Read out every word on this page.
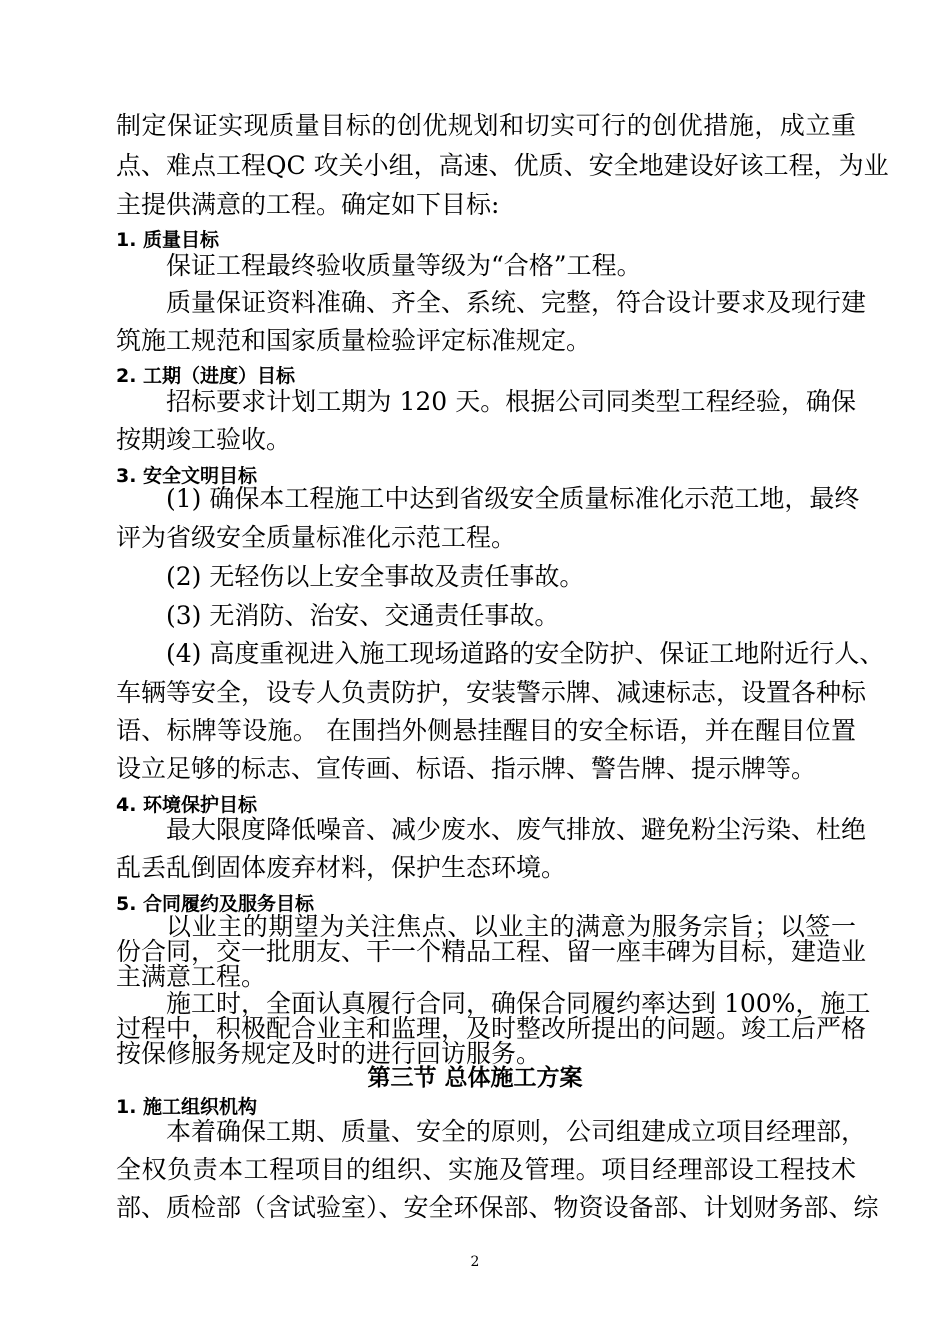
制定保证实现质量目标的创优规划和切实可行的创优措施，成立重
点、难点工程QC 攻关小组，高速、优质、安全地建设好该工程，为业
主提供满意的工程。确定如下目标:
1. 质量目标
保证工程最终验收质量等级为“合格”工程。
质量保证资料准确、齐全、系统、完整，符合设计要求及现行建
筑施工规范和国家质量检验评定标准规定。
2. 工期（进度）目标
招标要求计划工期为 120 天。根据公司同类型工程经验，确保
按期竣工验收。
3. 安全文明目标
(1) 确保本工程施工中达到省级安全质量标准化示范工地，最终
评为省级安全质量标准化示范工程。
(2) 无轻伤以上安全事故及责任事故。
(3) 无消防、治安、交通责任事故。
(4) 高度重视进入施工现场道路的安全防护、保证工地附近行人、
车辆等安全，设专人负责防护，安装警示牌、减速标志，设置各种标
语、标牌等设施。 在围挡外侧悬挂醒目的安全标语，并在醒目位置
设立足够的标志、宣传画、标语、指示牌、警告牌、提示牌等。
4. 环境保护目标
最大限度降低噪音、减少废水、废气排放、避免粉尘污染、杜绝
乱丢乱倒固体废弃材料，保护生态环境。
5. 合同履约及服务目标
以业主的期望为关注焦点、以业主的满意为服务宗旨；以签一
份合同，交一批朋友、干一个精品工程、留一座丰碑为目标，建造业
主满意工程。
施工时，全面认真履行合同，确保合同履约率达到 100%，施工
过程中，积极配合业主和监理，及时整改所提出的问题。竣工后严格
按保修服务规定及时的进行回访服务。
第三节 总体施工方案
1. 施工组织机构
本着确保工期、质量、安全的原则，公司组建成立项目经理部，
全权负责本工程项目的组织、实施及管理。项目经理部设工程技术
部、质检部（含试验室）、安全环保部、物资设备部、计划财务部、综
2
